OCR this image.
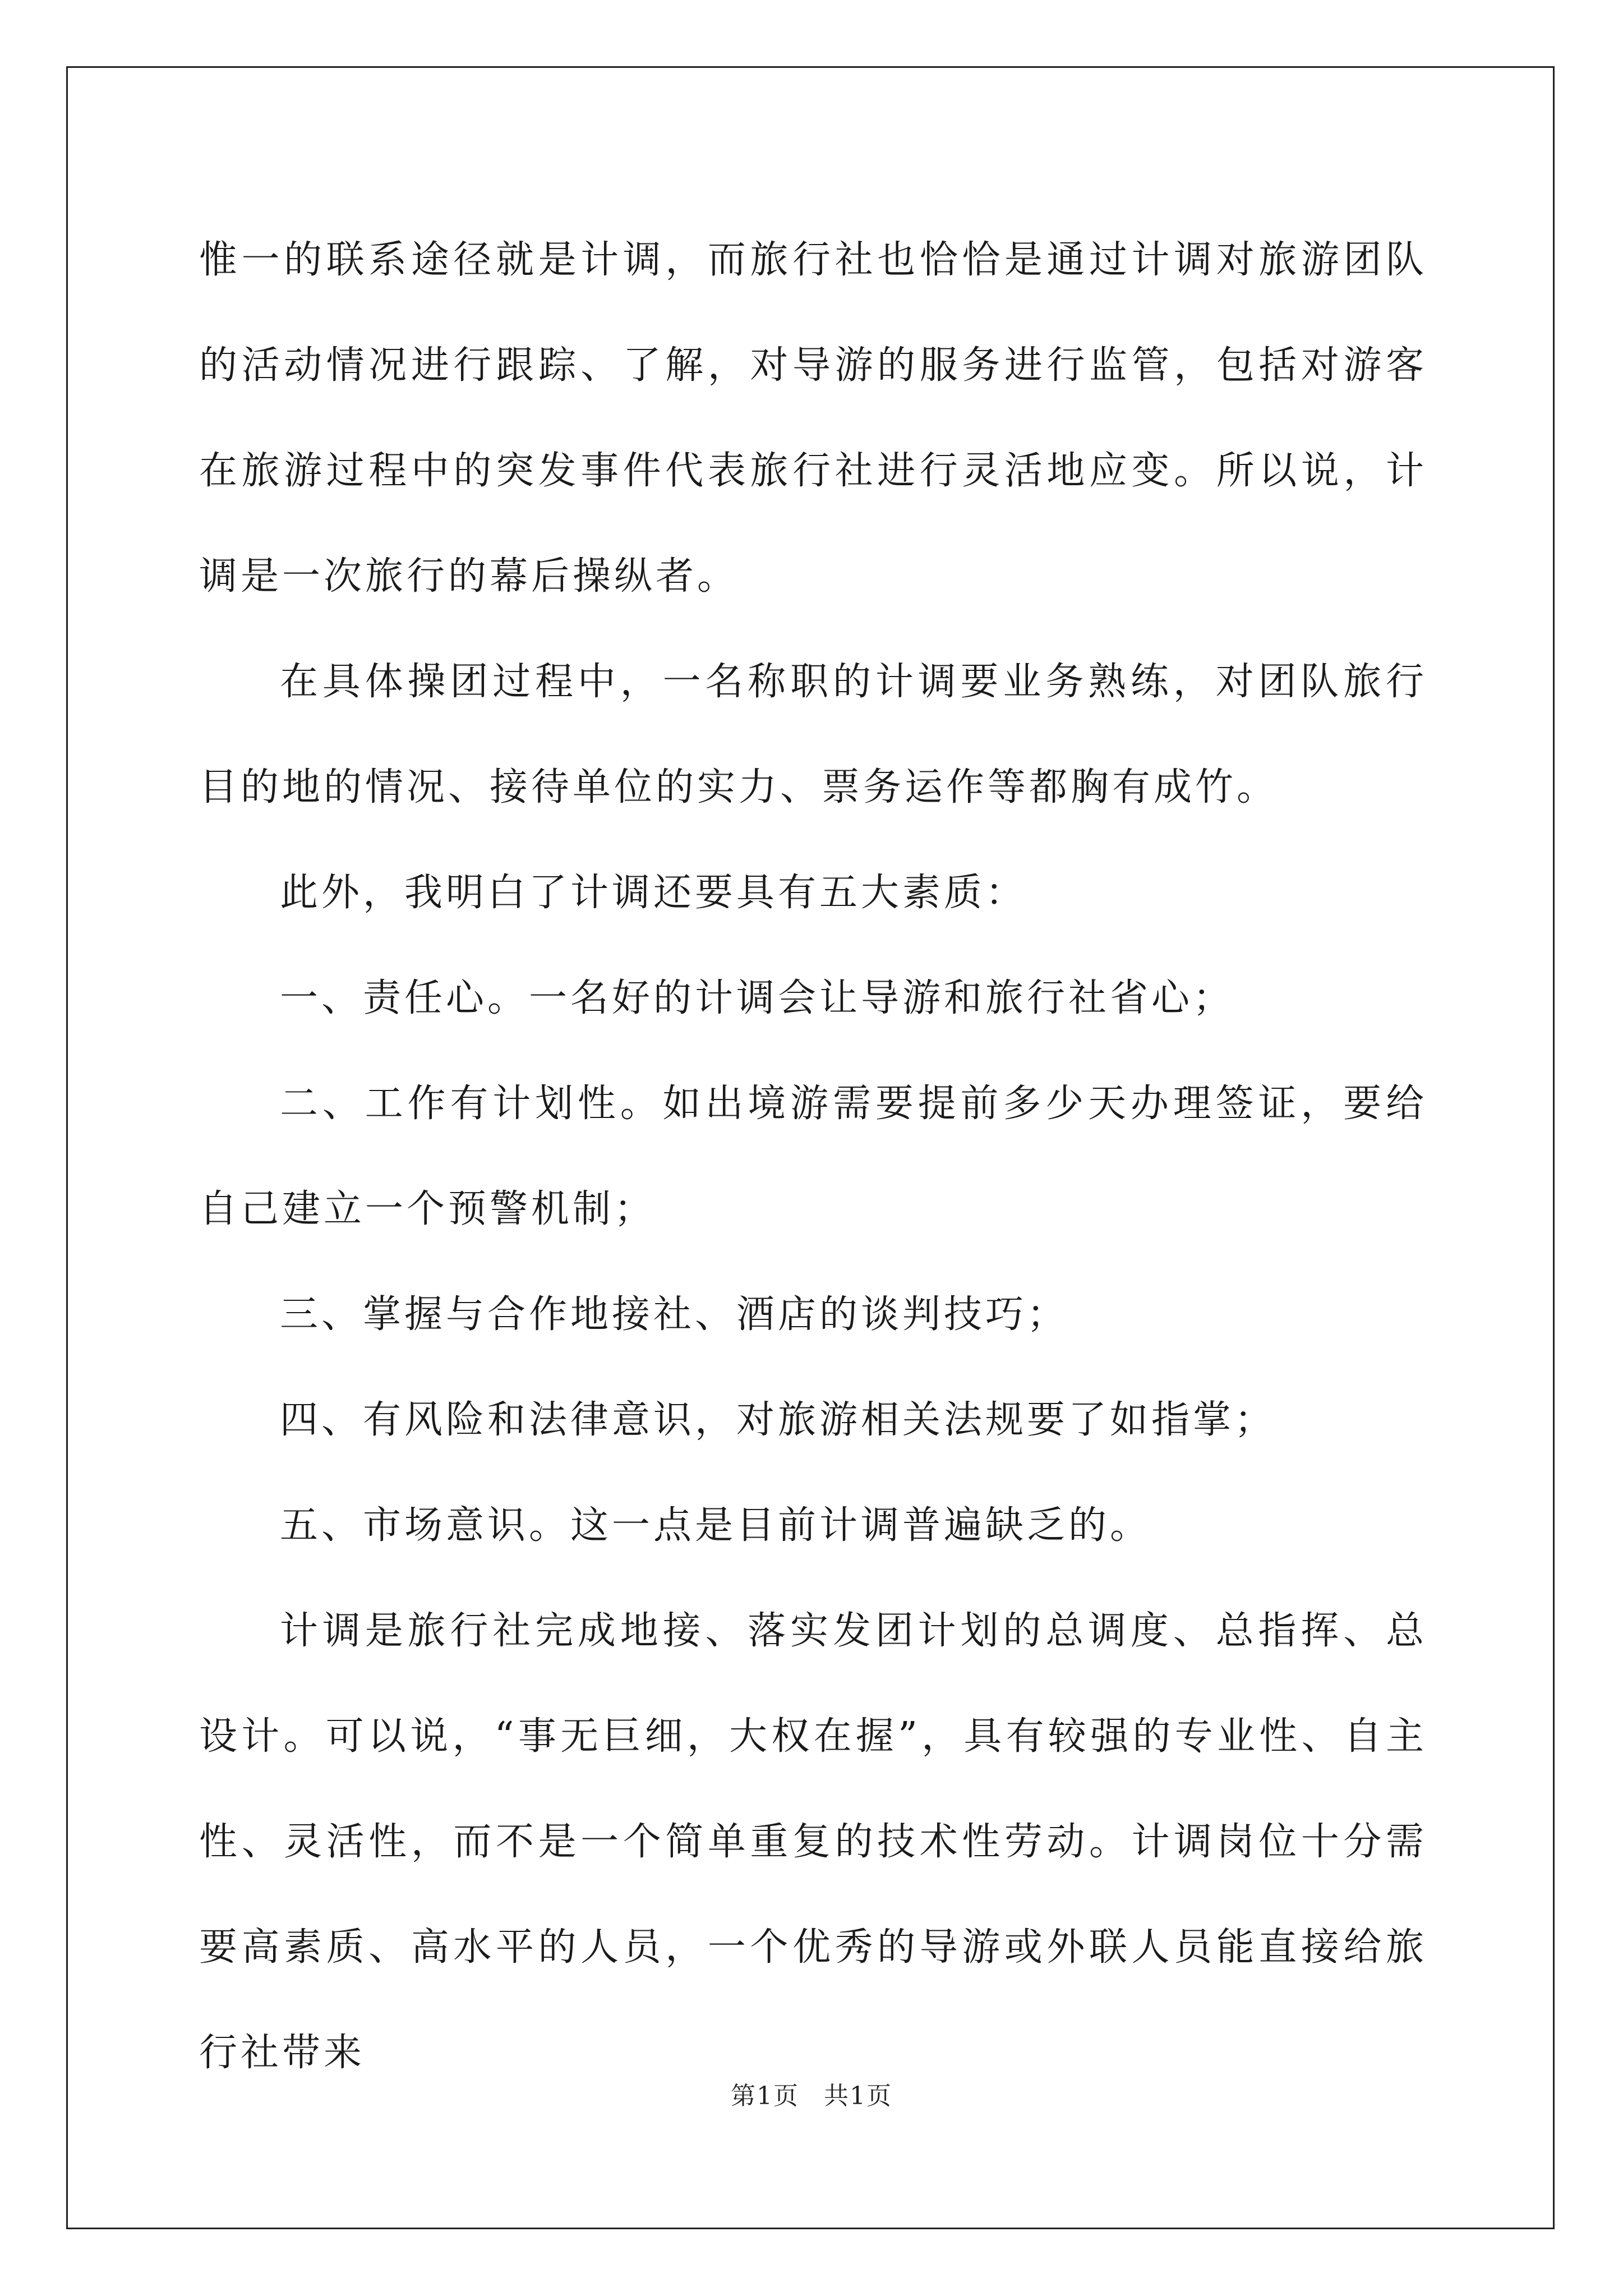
惟一的联系途径就是计调，而旅行社也恰恰是通过计调对旅游团队的活动情况进行跟踪、了解，对导游的服务进行监管，包括对游客在旅游过程中的突发事件代表旅行社进行灵活地应变。所以说，计调是一次旅行的幕后操纵者。

在具体操团过程中，一名称职的计调要业务熟练，对团队旅行目的地的情况、接待单位的实力、票务运作等都胸有成竹。

此外，我明白了计调还要具有五大素质：

一、责任心。一名好的计调会让导游和旅行社省心；

二、工作有计划性。如出境游需要提前多少天办理签证，要给自己建立一个预警机制；

三、掌握与合作地接社、酒店的谈判技巧；

四、有风险和法律意识，对旅游相关法规要了如指掌；

五、市场意识。这一点是目前计调普遍缺乏的。

计调是旅行社完成地接、落实发团计划的总调度、总指挥、总设计。可以说，“事无巨细，大权在握”，具有较强的专业性、自主性、灵活性，而不是一个简单重复的技术性劳动。计调岗位十分需要高素质、高水平的人员，一个优秀的导游或外联人员能直接给旅行社带来

第1页 共1页
